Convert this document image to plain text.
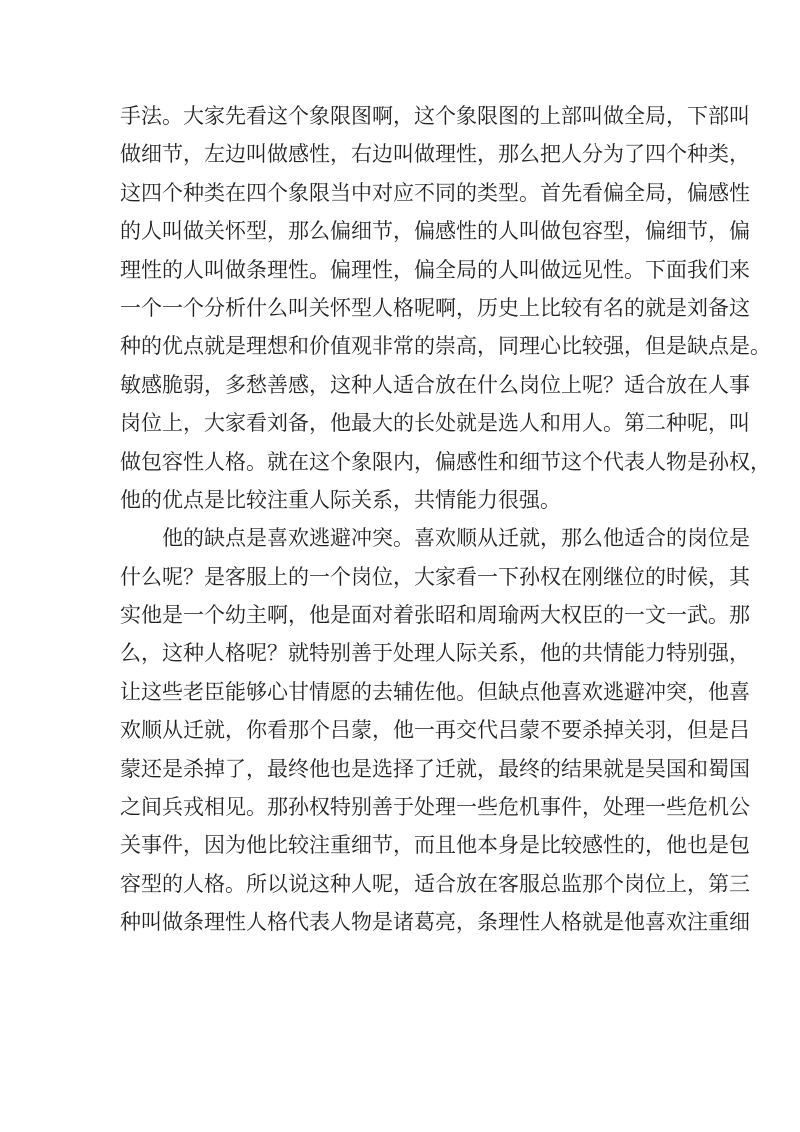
手法。大家先看这个象限图啊，这个象限图的上部叫做全局，下部叫
做细节，左边叫做感性，右边叫做理性，那么把人分为了四个种类，
这四个种类在四个象限当中对应不同的类型。首先看偏全局，偏感性
的人叫做关怀型，那么偏细节，偏感性的人叫做包容型，偏细节，偏
理性的人叫做条理性。偏理性，偏全局的人叫做远见性。下面我们来
一个一个分析什么叫关怀型人格呢啊，历史上比较有名的就是刘备这
种的优点就是理想和价值观非常的崇高，同理心比较强，但是缺点是。
敏感脆弱，多愁善感，这种人适合放在什么岗位上呢？适合放在人事
岗位上，大家看刘备，他最大的长处就是选人和用人。第二种呢，叫
做包容性人格。就在这个象限内，偏感性和细节这个代表人物是孙权，
他的优点是比较注重人际关系，共情能力很强。
他的缺点是喜欢逃避冲突。喜欢顺从迁就，那么他适合的岗位是
什么呢？是客服上的一个岗位，大家看一下孙权在刚继位的时候，其
实他是一个幼主啊，他是面对着张昭和周瑜两大权臣的一文一武。那
么，这种人格呢？就特别善于处理人际关系，他的共情能力特别强，
让这些老臣能够心甘情愿的去辅佐他。但缺点他喜欢逃避冲突，他喜
欢顺从迁就，你看那个吕蒙，他一再交代吕蒙不要杀掉关羽，但是吕
蒙还是杀掉了，最终他也是选择了迁就，最终的结果就是吴国和蜀国
之间兵戎相见。那孙权特别善于处理一些危机事件，处理一些危机公
关事件，因为他比较注重细节，而且他本身是比较感性的，他也是包
容型的人格。所以说这种人呢，适合放在客服总监那个岗位上，第三
种叫做条理性人格代表人物是诸葛亮，条理性人格就是他喜欢注重细
